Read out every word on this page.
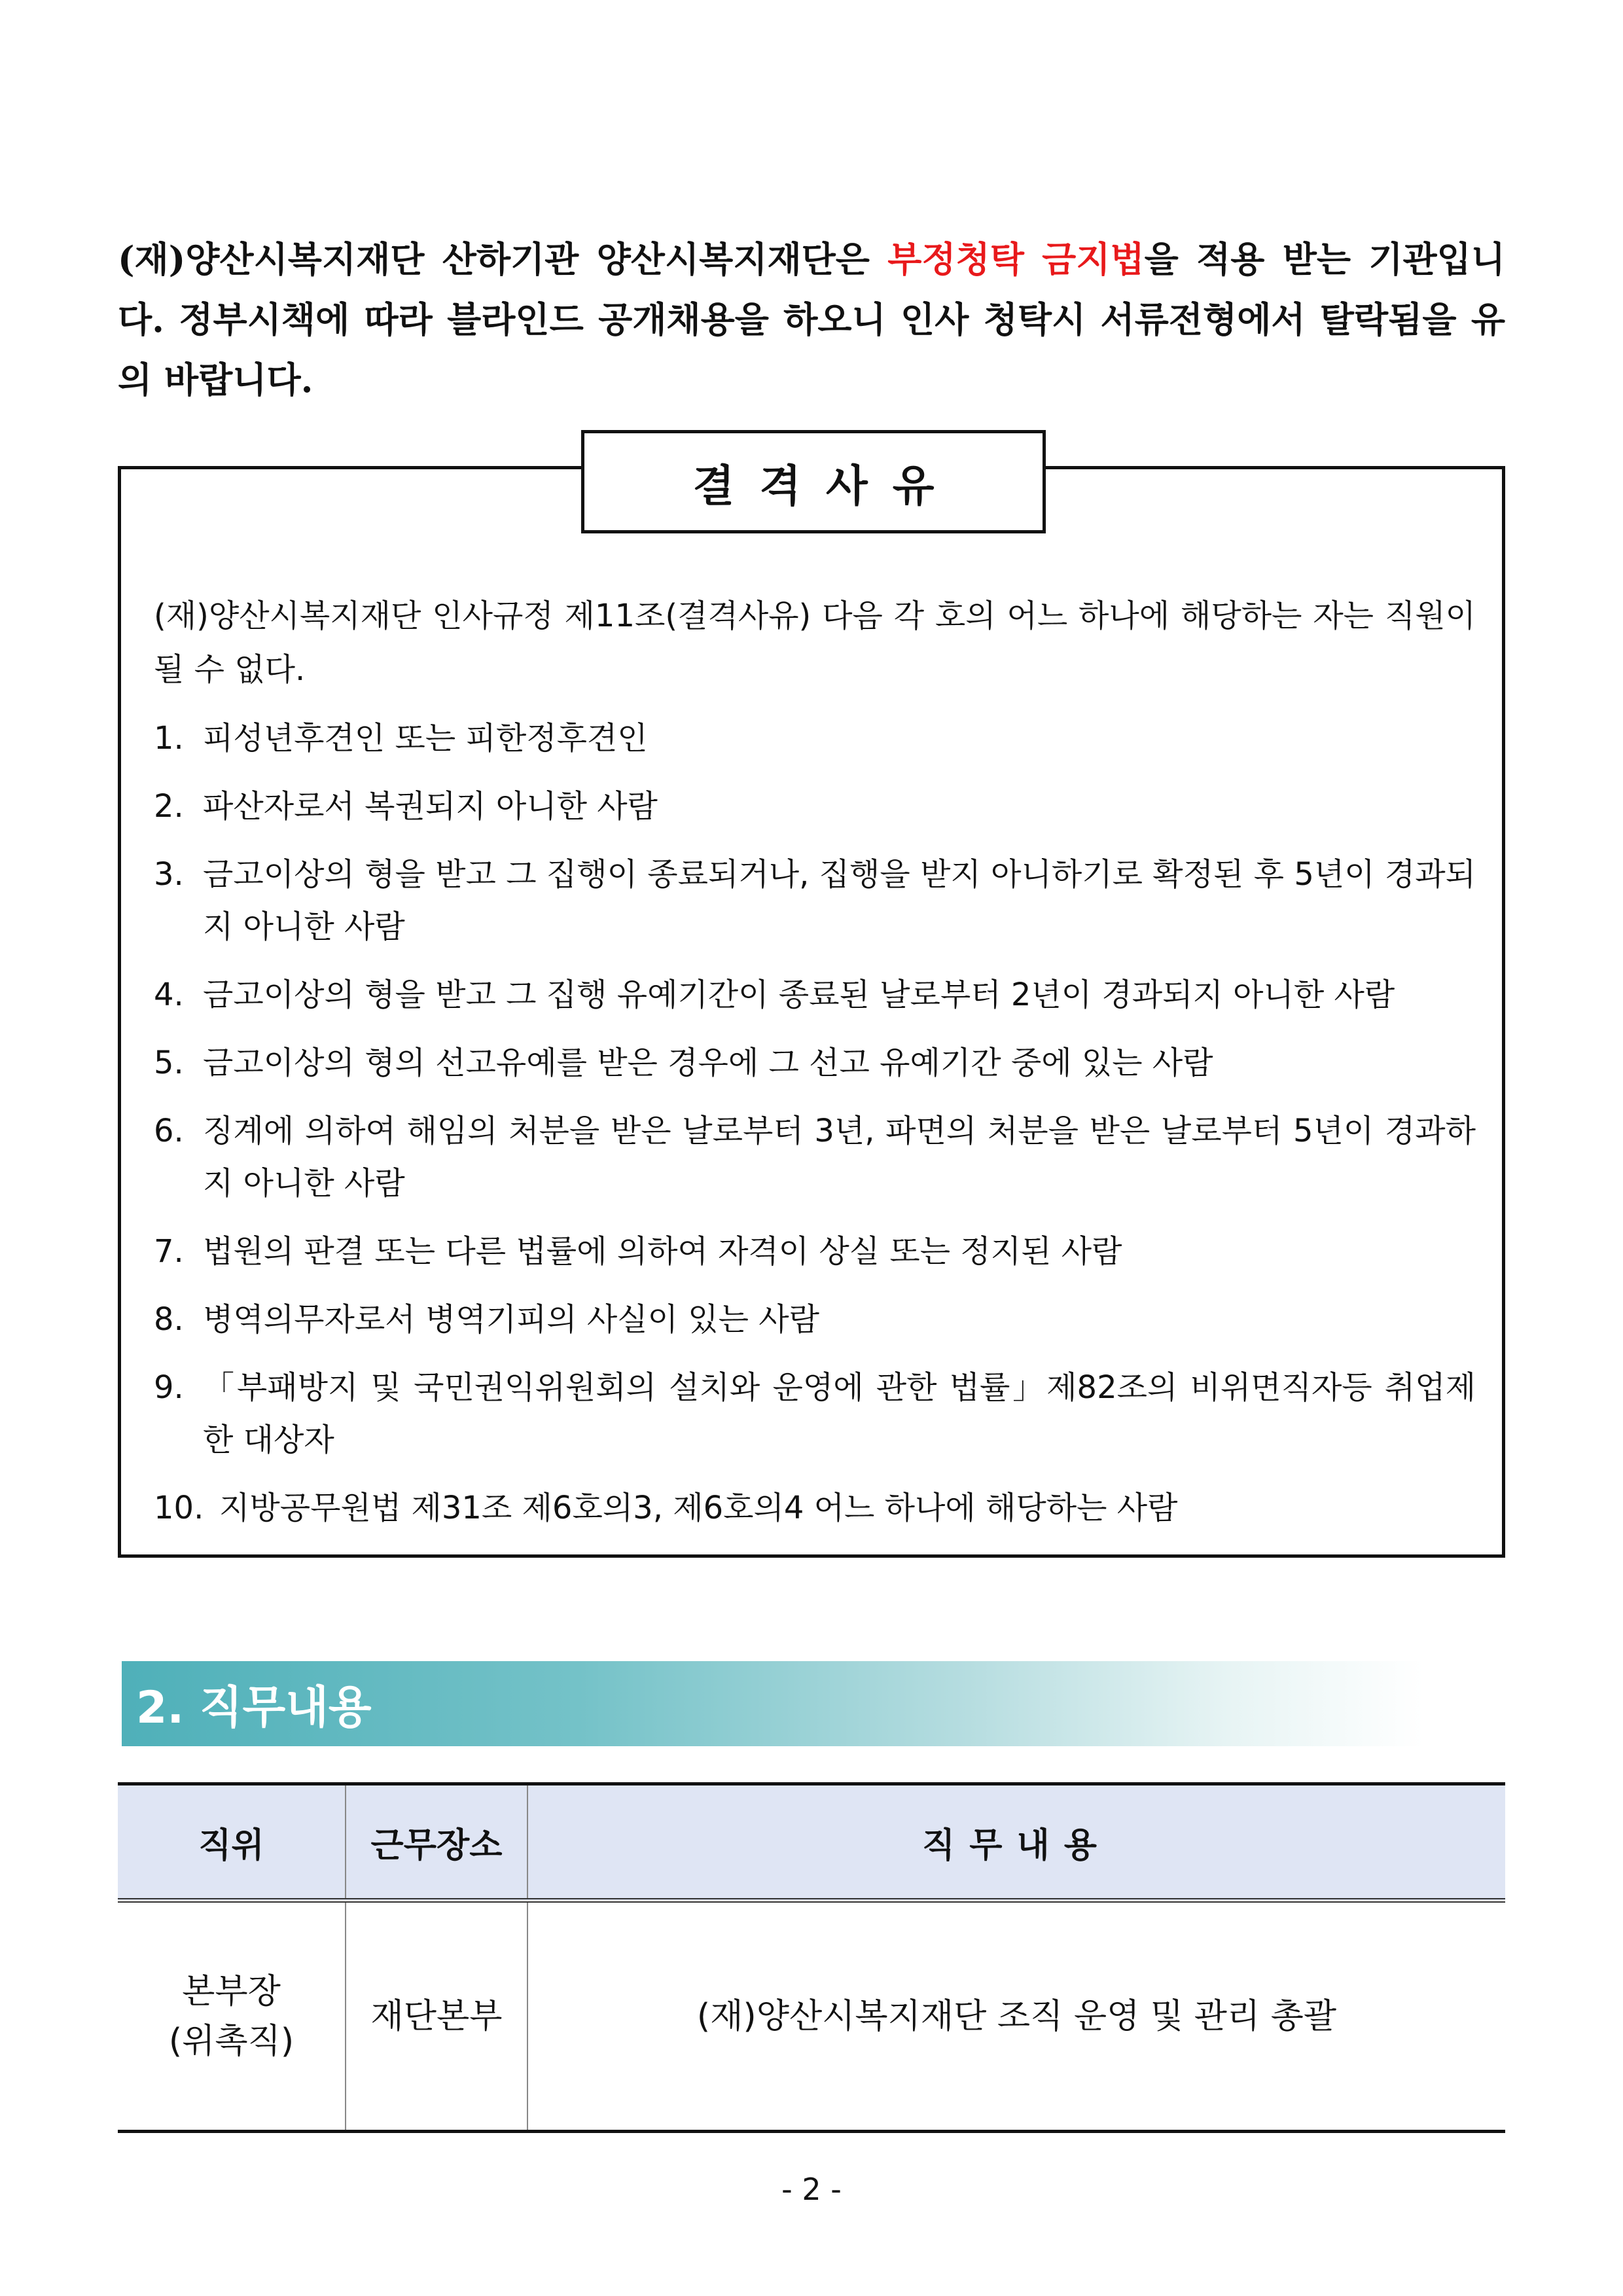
(재)양산시복지재단 산하기관 양산시복지재단은 부정청탁 금지법을 적용 받는 기관입니다. 정부시책에 따라 블라인드 공개채용을 하오니 인사 청탁시 서류전형에서 탈락됨을 유의 바랍니다.
결격사유
(재)양산시복지재단 인사규정 제11조(결격사유) 다음 각 호의 어느 하나에 해당하는 자는 직원이 될 수 없다.
1. 피성년후견인 또는 피한정후견인
2. 파산자로서 복권되지 아니한 사람
3. 금고이상의 형을 받고 그 집행이 종료되거나, 집행을 받지 아니하기로 확정된 후 5년이 경과되지 아니한 사람
4. 금고이상의 형을 받고 그 집행 유예기간이 종료된 날로부터 2년이 경과되지 아니한 사람
5. 금고이상의 형의 선고유예를 받은 경우에 그 선고 유예기간 중에 있는 사람
6. 징계에 의하여 해임의 처분을 받은 날로부터 3년, 파면의 처분을 받은 날로부터 5년이 경과하지 아니한 사람
7. 법원의 판결 또는 다른 법률에 의하여 자격이 상실 또는 정지된 사람
8. 병역의무자로서 병역기피의 사실이 있는 사람
9. 「부패방지 및 국민권익위원회의 설치와 운영에 관한 법률」제82조의 비위면직자등 취업제한 대상자
10. 지방공무원법 제31조 제6호의3, 제6호의4 어느 하나에 해당하는 사람
2. 직무내용
직위	근무장소	직무내용

본부장
(위촉직)	재단본부	(재)양산시복지재단 조직 운영 및 관리 총괄
- 2 -
